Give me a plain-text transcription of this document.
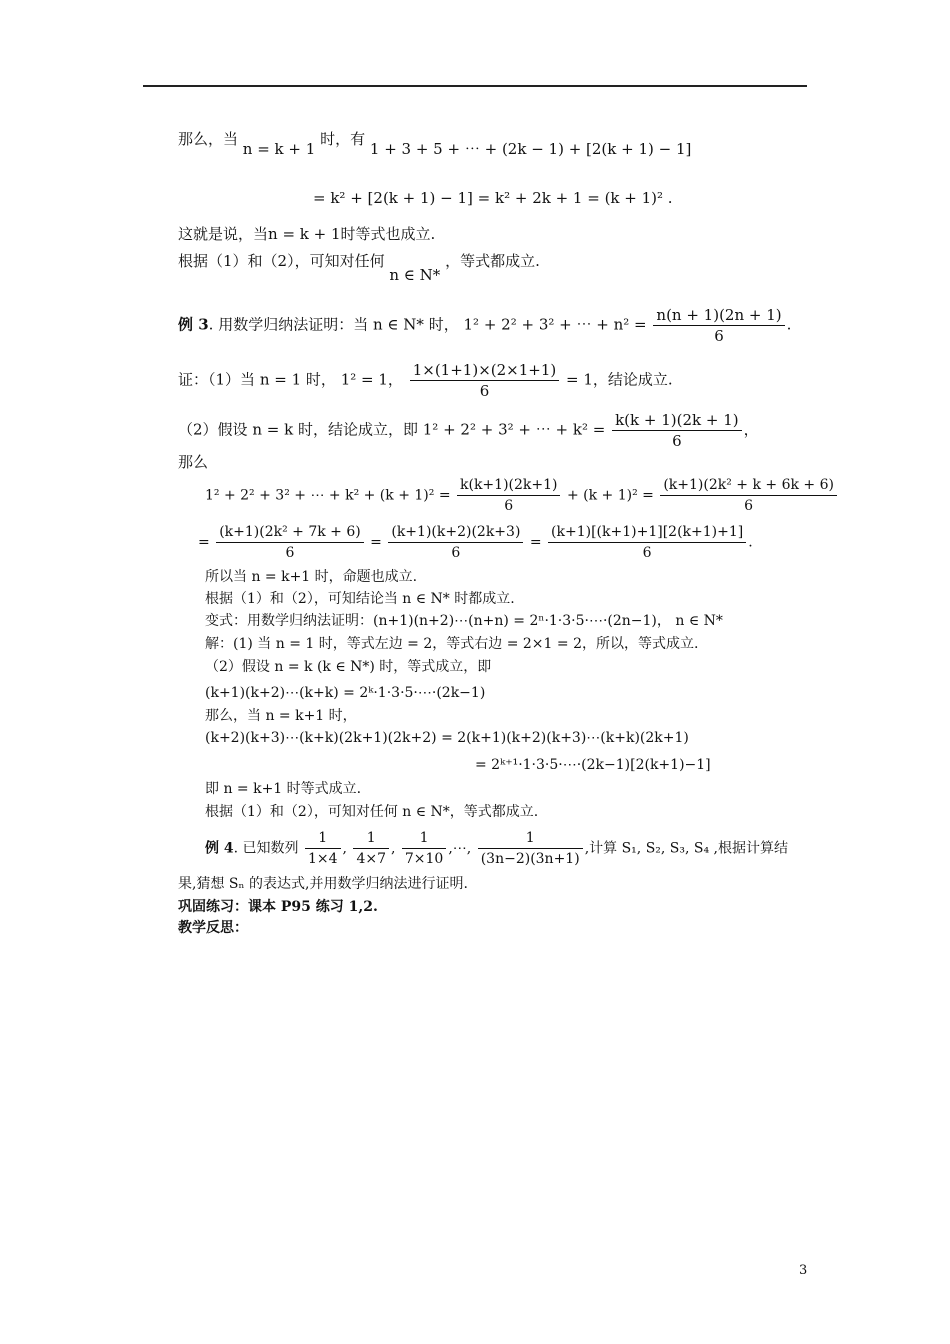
那么，当 n = k + 1 时，有 1 + 3 + 5 + ⋯ + (2k − 1) + [2(k + 1) − 1]
= k² + [2(k + 1) − 1] = k² + 2k + 1 = (k + 1)² .
这就是说，当n = k + 1时等式也成立.
根据（1）和（2），可知对任何 n ∈ N* ，等式都成立.
例 3. 用数学归纳法证明：当 n ∈ N* 时， 1² + 2² + 3² + ⋯ + $n^2 = \frac{n(n + 1)(2n + 1)}{6}$ .
证：（1）当 n = 1 时， 1² = 1， $\frac{1\times(1+1)\times(2\times 1+1)}{6} = 1$，结论成立.
（2）假设 n = k 时，结论成立，即 1² + 2² + 3² + ⋯ + $k^2 = \frac{k(k + 1)(2k + 1)}{6}$ ，
那么
1² + 2² + 3² + ⋯ + $k^2 + (k + 1)^2 = \frac{k(k+1)(2k+1)}{6} + (k + 1)^2 = \frac{\text{(k+1)(2k² + k + 6k + 6)}}{6}$
= $\frac{\text{(k+1)(2k² + 7k + 6)}}{6} = \frac{(k+1)(k+2)(2k+3)}{6} = \frac{(k+1)[(k+1)+1][2(k+1)+1]}{6}$ .
所以当 n = k+1 时，命题也成立.
根据（1）和（2），可知结论当 n ∈ N* 时都成立.
变式：用数学归纳法证明：(n+1)(n+2)⋯(n+n) = 2ⁿ·1·3·5·⋯·(2n−1)， n ∈ N*
解：(1) 当 n = 1 时，等式左边 = 2，等式右边 = 2×1 = 2，所以，等式成立.
（2）假设 n = k (k ∈ N*) 时，等式成立，即
(k+1)(k+2)⋯(k+k) = 2ᵏ·1·3·5·⋯·(2k−1)
那么，当 n = k+1 时，
(k+2)(k+3)⋯(k+k)(2k+1)(2k+2) = 2(k+1)(k+2)(k+3)⋯(k+k)(2k+1)
= 2ᵏ⁺¹·1·3·5·⋯·(2k−1)[2(k+1)−1]
即 n = k+1 时等式成立.
根据（1）和（2），可知对任何 n ∈ N*，等式都成立.
例 4. 已知数列 $\frac{1}{1\times 4}$ , $\frac{1}{4\times 7}$ , $\frac{1}{7\times 10}$ ,⋯, $\frac{1}{(3n-2)(3n+1)}$ ,计算 S₁, S₂, S₃, S₄ ,根据计算结
果,猜想 Sₙ 的表达式,并用数学归纳法进行证明.
巩固练习：课本 P95 练习 1,2.
教学反思：
3
